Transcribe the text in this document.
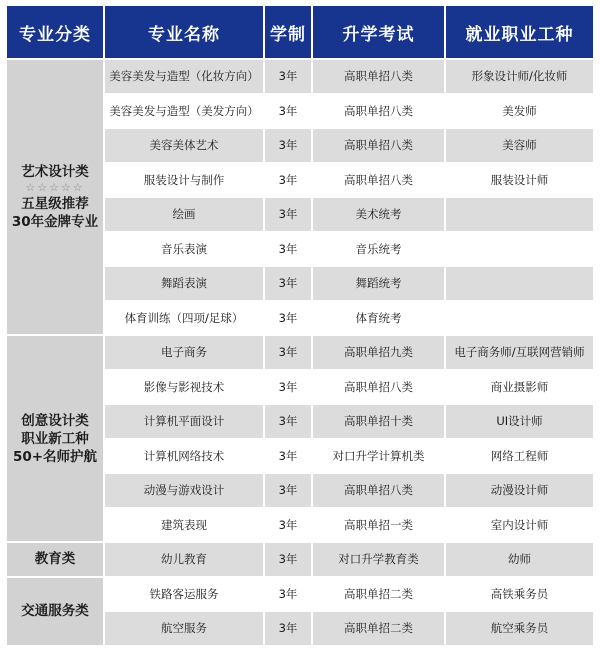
专业分类	专业名称	学制	升学考试	就业职业工种

艺术设计类
☆☆☆☆☆
五星级推荐
30年金牌专业	美容美发与造型（化妆方向）	3年	高职单招八类	形象设计师/化妆师
	美容美发与造型（美发方向）	3年	高职单招八类	美发师
	美容美体艺术	3年	高职单招八类	美容师
	服装设计与制作	3年	高职单招八类	服装设计师
	绘画	3年	美术统考	
	音乐表演	3年	音乐统考	
	舞蹈表演	3年	舞蹈统考	
	体育训练（四项/足球）	3年	体育统考	

创意设计类
职业新工种
50+名师护航	电子商务	3年	高职单招九类	电子商务师/互联网营销师
	影像与影视技术	3年	高职单招八类	商业摄影师
	计算机平面设计	3年	高职单招十类	UI设计师
	计算机网络技术	3年	对口升学计算机类	网络工程师
	动漫与游戏设计	3年	高职单招八类	动漫设计师
	建筑表现	3年	高职单招一类	室内设计师

教育类	幼儿教育	3年	对口升学教育类	幼师

交通服务类	铁路客运服务	3年	高职单招二类	高铁乘务员
	航空服务	3年	高职单招二类	航空乘务员
